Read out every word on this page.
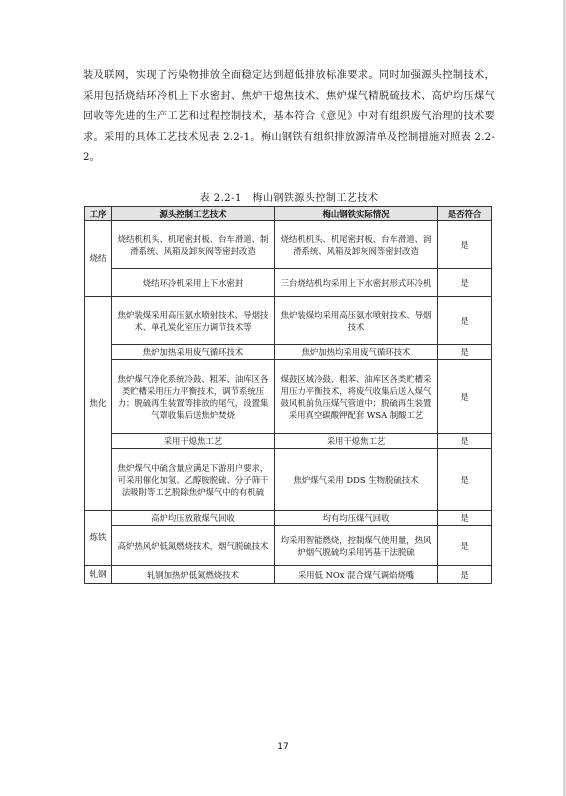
装及联网，实现了污染物排放全面稳定达到超低排放标准要求。同时加强源头控制技术，采用包括烧结环冷机上下水密封、焦炉干熄焦技术、焦炉煤气精脱硫技术、高炉均压煤气回收等先进的生产工艺和过程控制技术，基本符合《意见》中对有组织废气治理的技术要求。采用的具体工艺技术见表 2.2-1。梅山钢铁有组织排放源清单及控制措施对照表 2.2-2。

表 2.2-1　梅山钢铁源头控制工艺技术
工序	源头控制工艺技术	梅山钢铁实际情况	是否符合
烧结	烧结机机头、机尾密封板、台车滑道、制滑系统、风箱及卸灰阀等密封改造	烧结机机头、机尾密封板、台车滑道、润滑系统、风箱及卸灰阀等密封改造	是
	烧结环冷机采用上下水密封	三台烧结机均采用上下水密封形式环冷机	是
焦化	焦炉装煤采用高压氨水喷射技术、导烟技术、单孔炭化室压力调节技术等	焦炉装煤均采用高压氨水喷射技术、导烟技术	是
	焦炉加热采用废气循环技术	焦炉加热均采用废气循环技术	是
	焦炉煤气净化系统冷鼓、粗苯、油库区各类贮槽采用压力平衡技术，调节系统压力；脱硫再生装置等排放的尾气，设置集气罩收集后送焦炉焚烧	煤鼓区域冷鼓、粗苯、油库区各类贮槽采用压力平衡技术，将废气收集后送入煤气鼓风机前负压煤气管道中；脱硫再生装置采用真空碳酸钾配套 WSA 制酸工艺	是
	采用干熄焦工艺	采用干熄焦工艺	是
	焦炉煤气中硫含量应满足下游用户要求，可采用催化加氢、乙醇胺脱硫、分子筛干法吸附等工艺脱除焦炉煤气中的有机硫	焦炉煤气采用 DDS 生物脱硫技术	是
炼铁	高炉均压放散煤气回收	均有均压煤气回收	是
	高炉热风炉低氮燃烧技术，烟气脱硫技术	均采用智能燃烧，控制煤气使用量，热风炉烟气脱硫均采用钙基干法脱硫	是
轧钢	轧钢加热炉低氮燃烧技术	采用低 NOx 混合煤气调焰烧嘴	是
17
